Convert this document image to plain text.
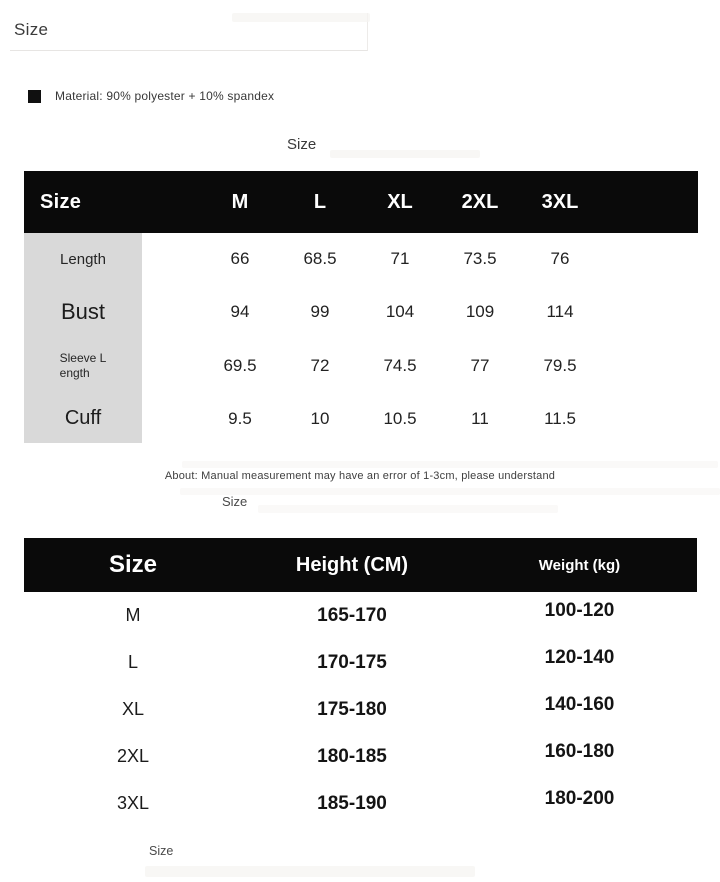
Size
Material: 90% polyester + 10% spandex
Size
Size	M	L	XL	2XL	3XL
Length	66	68.5	71	73.5	76
Bust	94	99	104	109	114
Sleeve L
ength	69.5	72	74.5	77	79.5
Cuff	9.5	10	10.5	11	11.5
About: Manual measurement may have an error of 1-3cm, please understand
Size
Size	Height (CM)	Weight (kg)
M	165-170	100-120
L	170-175	120-140
XL	175-180	140-160
2XL	180-185	160-180
3XL	185-190	180-200
Size
